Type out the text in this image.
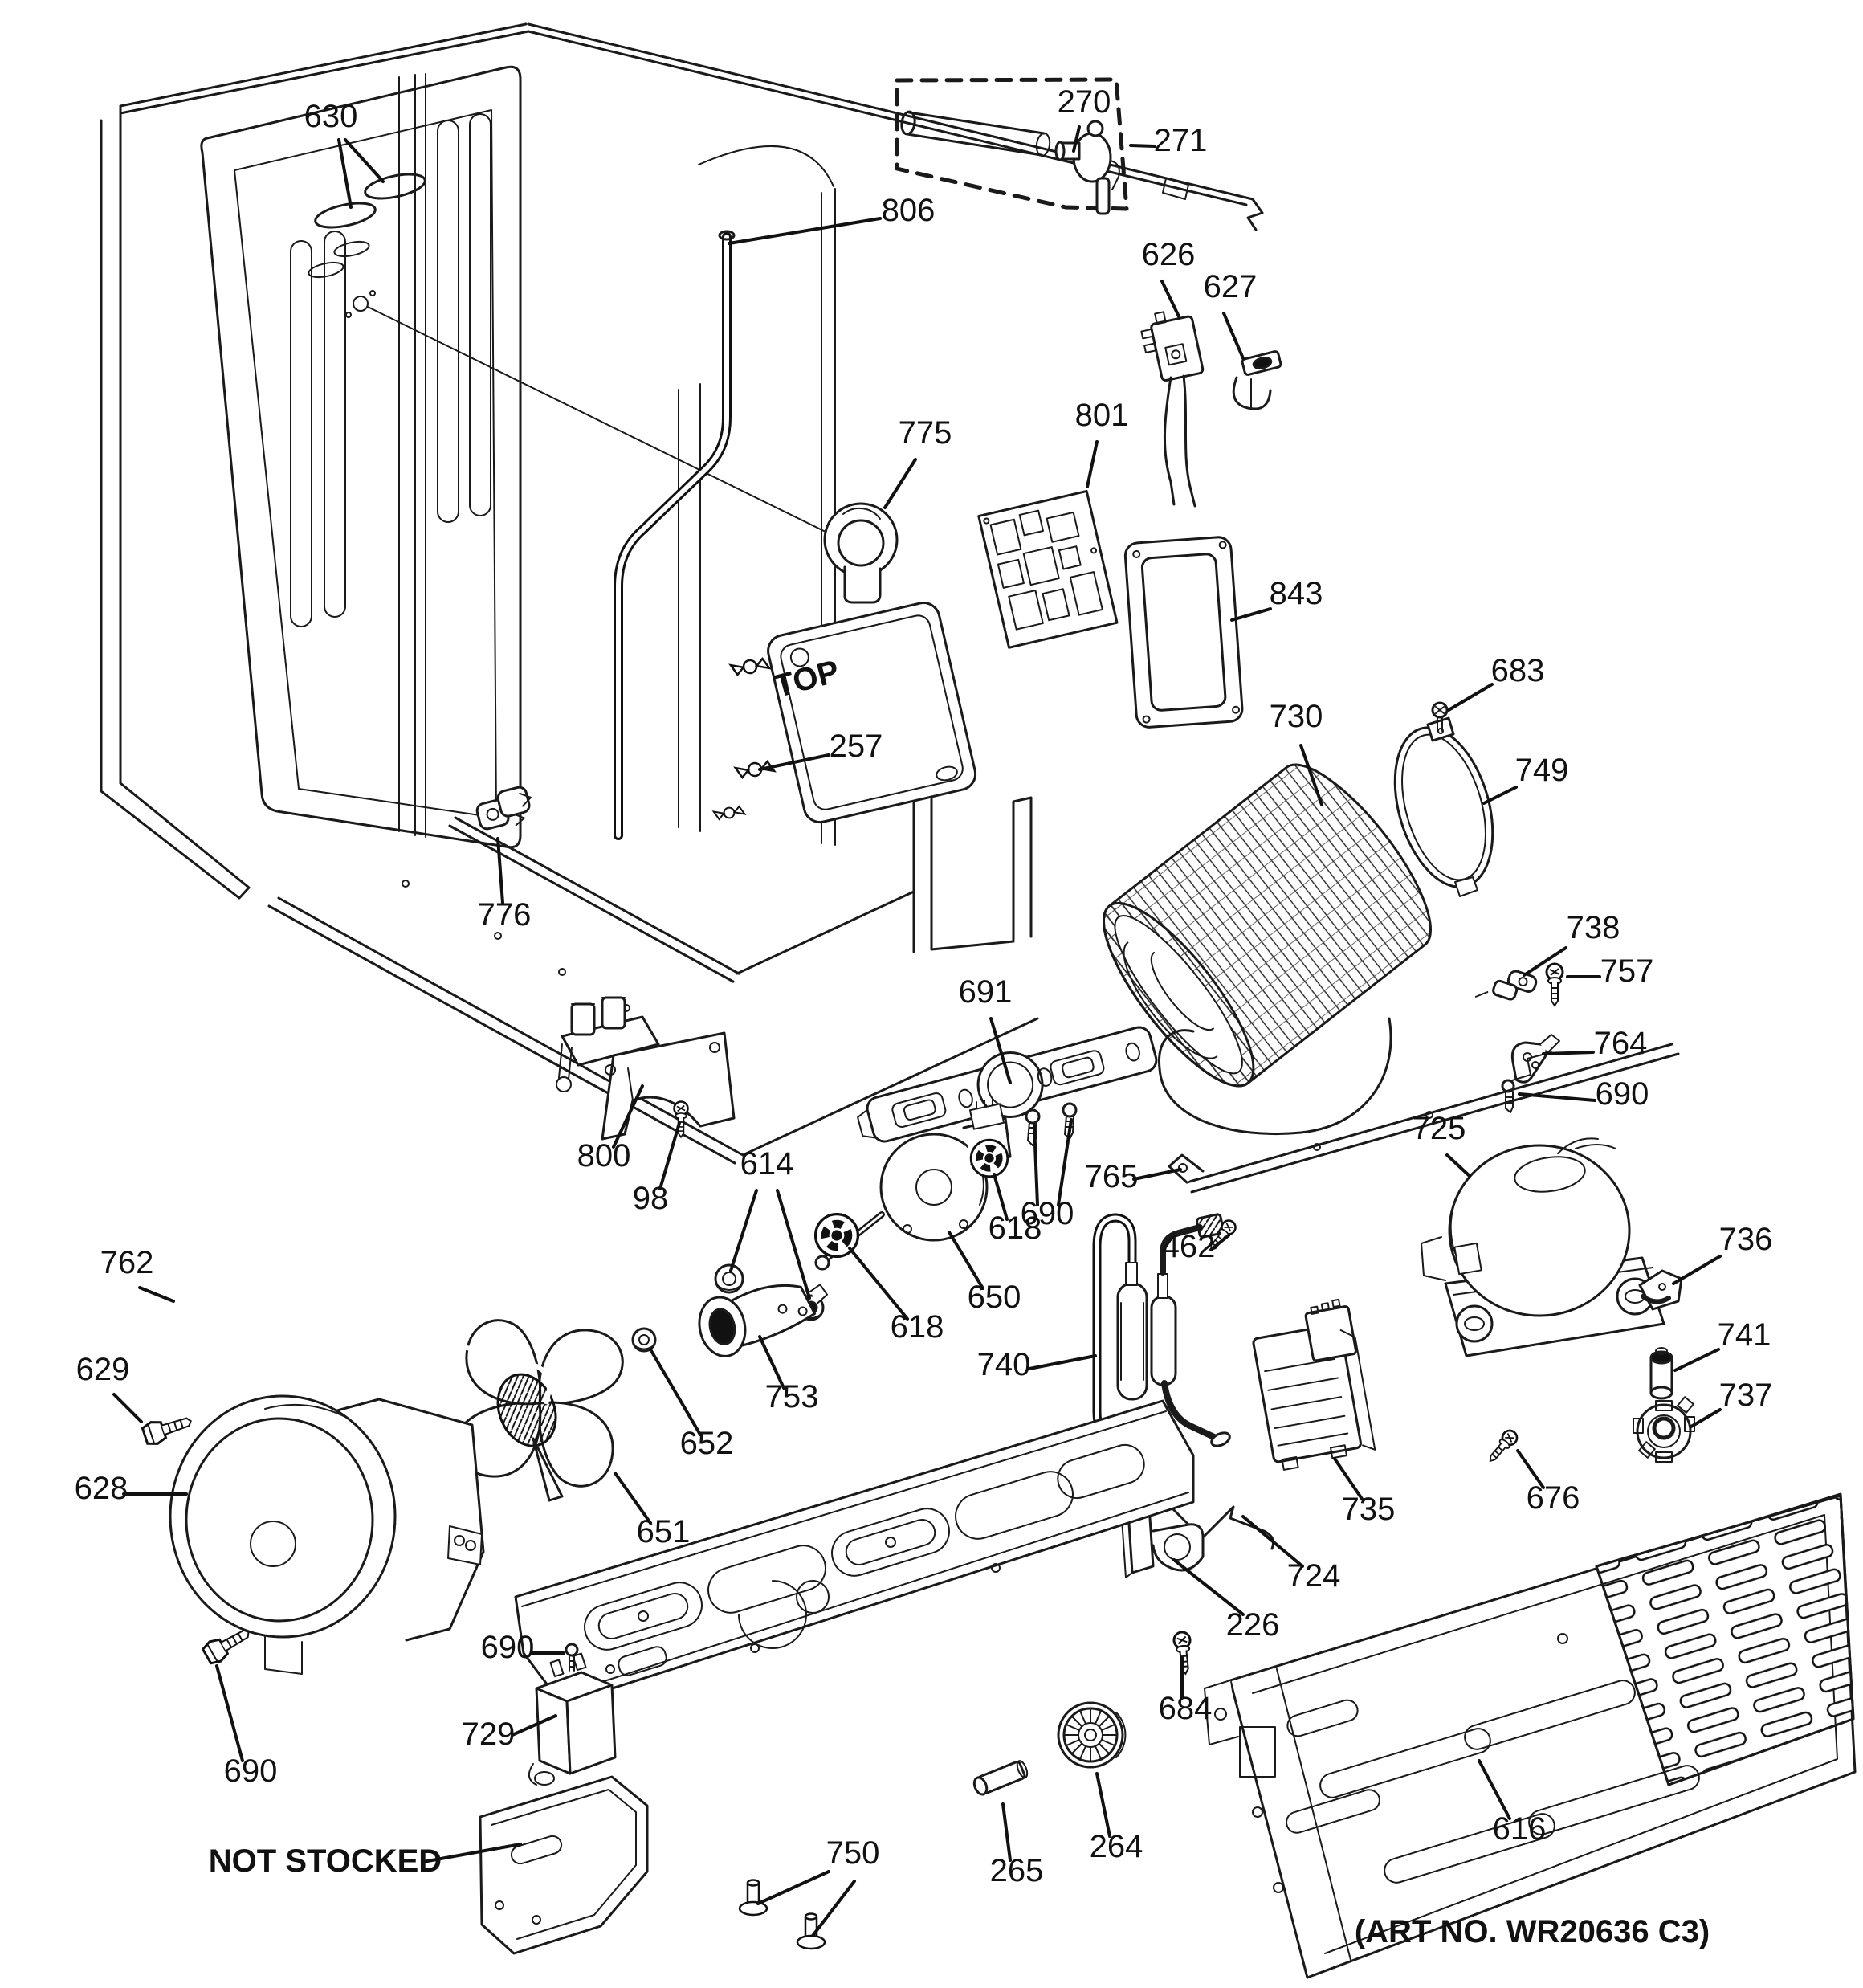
630
806
270
271
626
627
801
843
683
749
730
775
257
776
691
738
757
764
690
725
765
690
618
650
618
614
753
652
651
762
629
628
690
690
729
800
98
740
462	736
741
737
676
735
724
226
684
264
265
750
616
NOT STOCKED
TOP
(ART NO. WR20636 C3)
